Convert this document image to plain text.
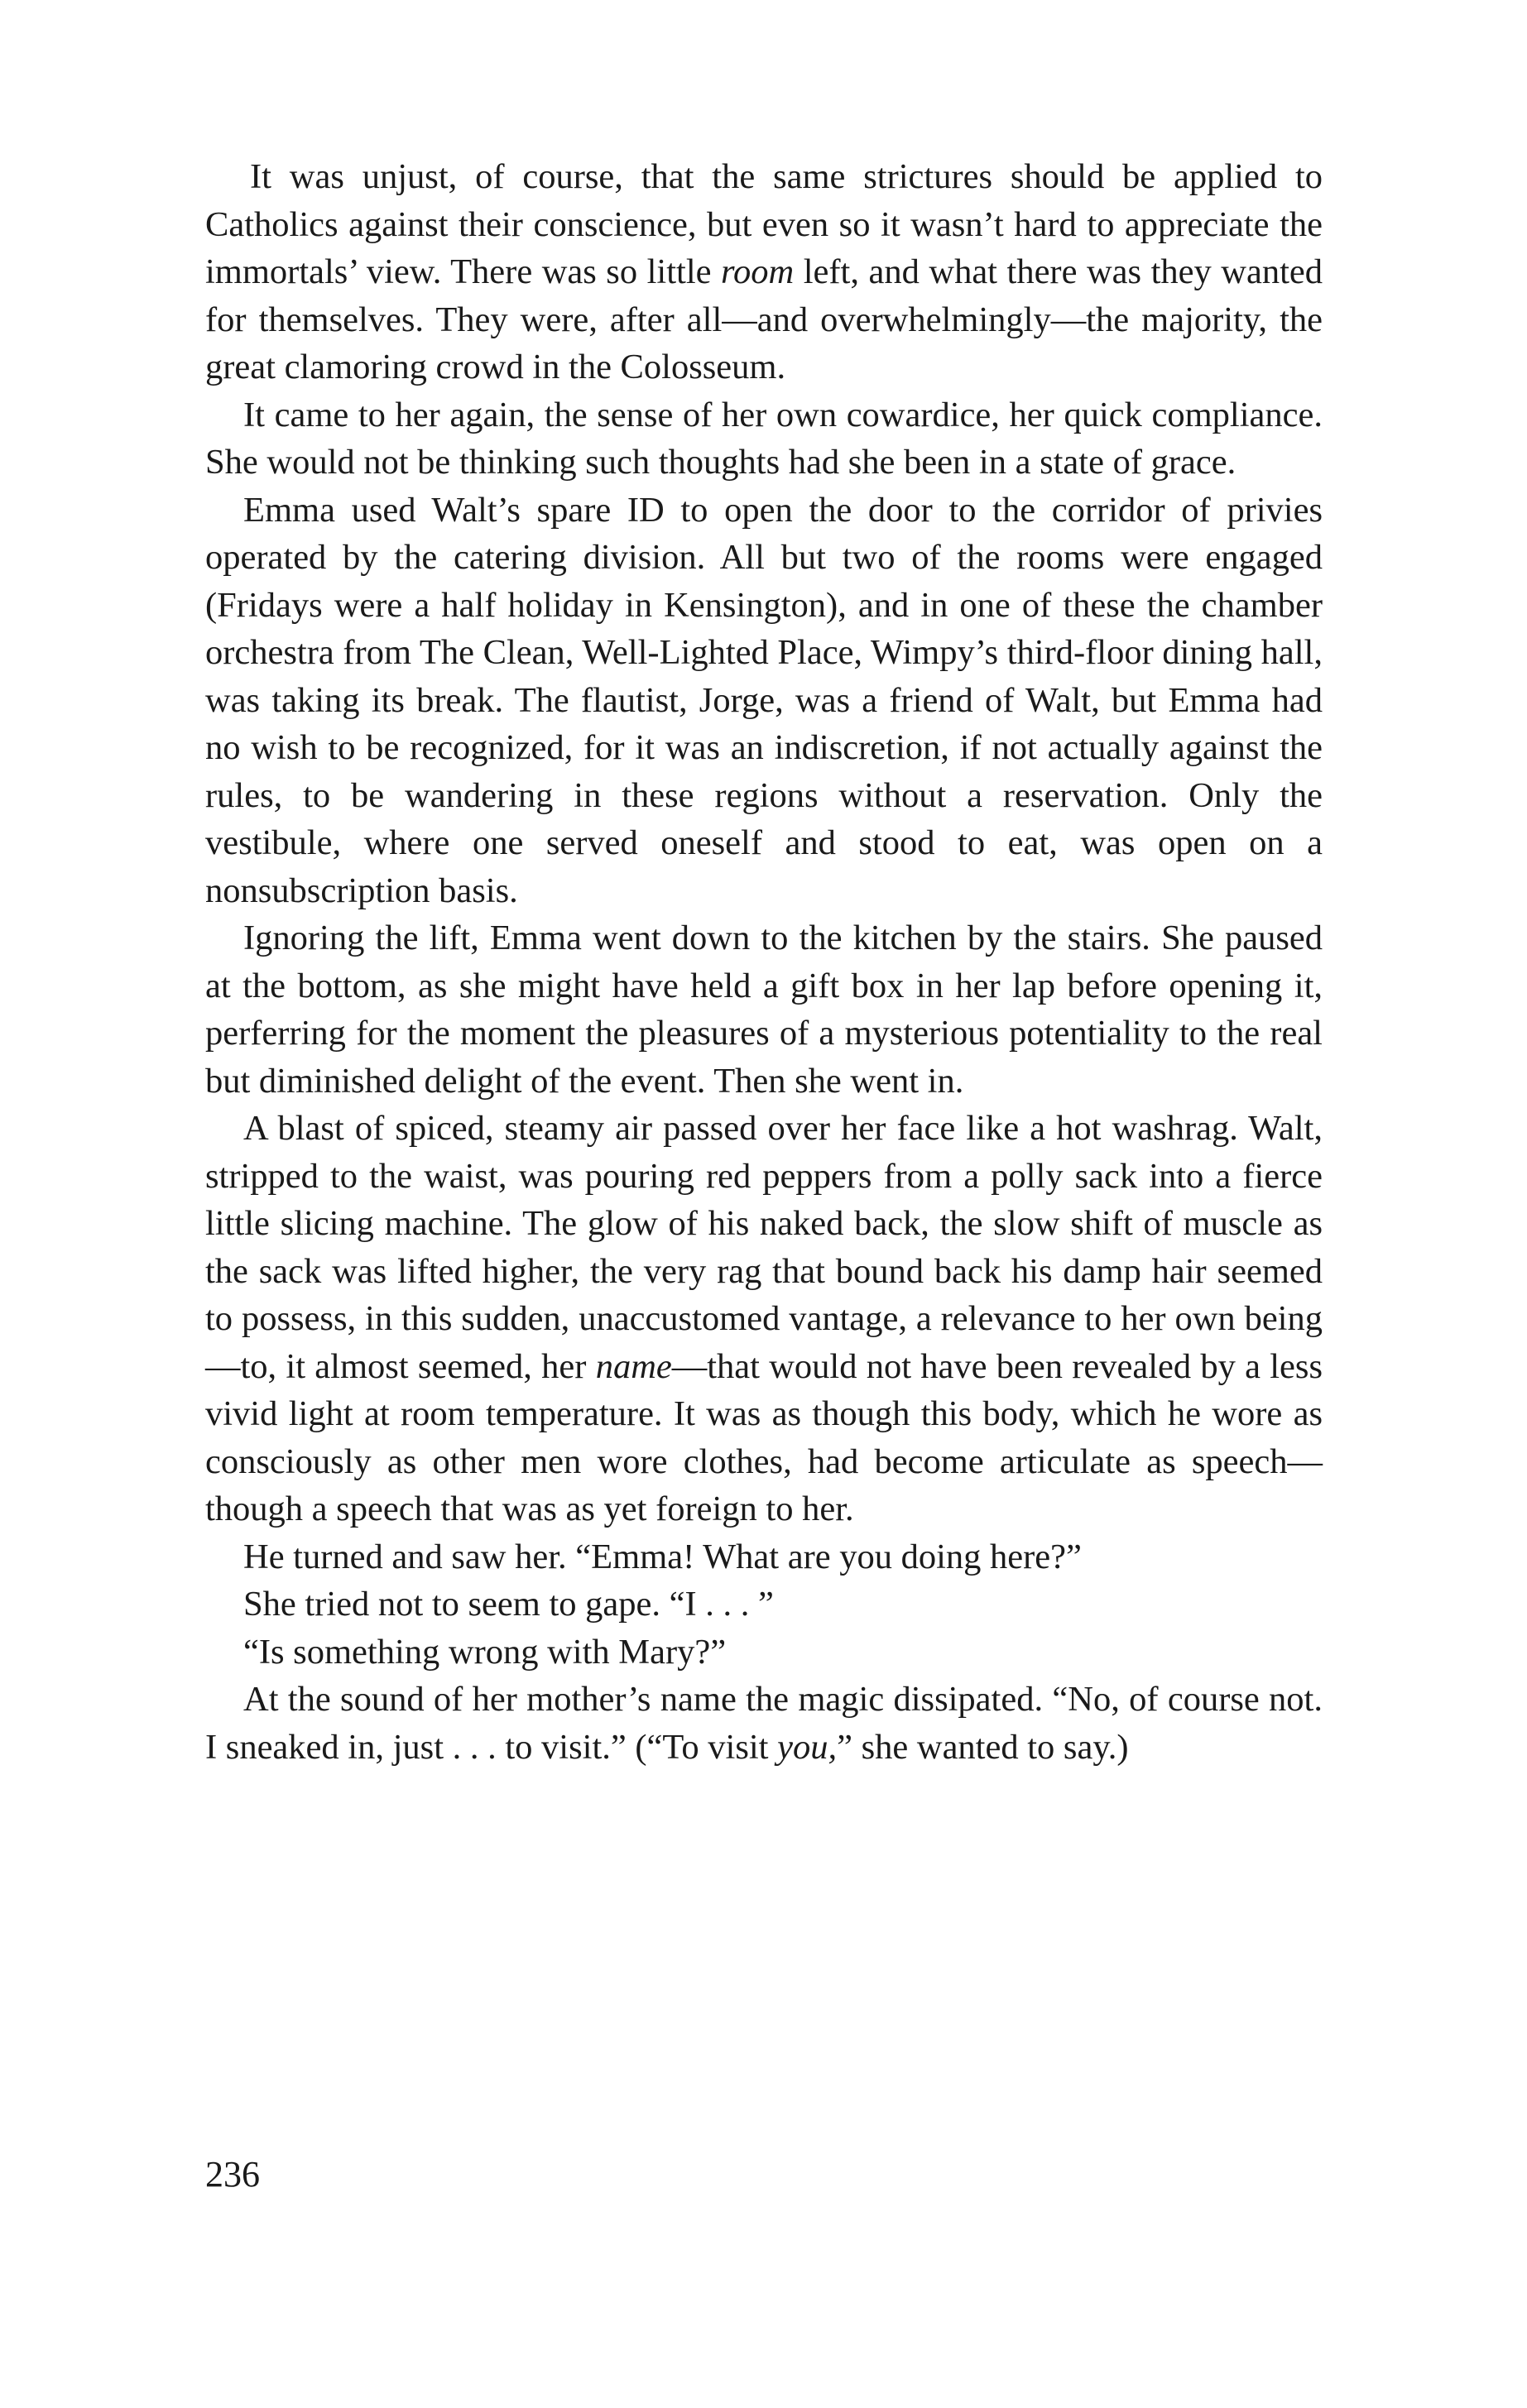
It was unjust, of course, that the same strictures should be applied to Catholics against their conscience, but even so it wasn’t hard to appreciate the immortals’ view. There was so little room left, and what there was they wanted for themselves. They were, after all—and overwhelmingly—the majority, the great clamoring crowd in the Colosseum.

It came to her again, the sense of her own cowardice, her quick compliance. She would not be thinking such thoughts had she been in a state of grace.

Emma used Walt’s spare ID to open the door to the corridor of privies operated by the catering division. All but two of the rooms were engaged (Fridays were a half holiday in Kensington), and in one of these the chamber orchestra from The Clean, Well-Lighted Place, Wimpy’s third-floor dining hall, was taking its break. The flautist, Jorge, was a friend of Walt, but Emma had no wish to be recognized, for it was an indiscretion, if not actually against the rules, to be wandering in these regions without a reservation. Only the vestibule, where one served oneself and stood to eat, was open on a nonsubscription basis.

Ignoring the lift, Emma went down to the kitchen by the stairs. She paused at the bottom, as she might have held a gift box in her lap before opening it, perferring for the moment the pleasures of a mysterious potentiality to the real but diminished delight of the event. Then she went in.

A blast of spiced, steamy air passed over her face like a hot washrag. Walt, stripped to the waist, was pouring red peppers from a polly sack into a fierce little slicing machine. The glow of his naked back, the slow shift of muscle as the sack was lifted higher, the very rag that bound back his damp hair seemed to possess, in this sudden, unaccustomed vantage, a relevance to her own being—to, it almost seemed, her name—that would not have been revealed by a less vivid light at room temperature. It was as though this body, which he wore as consciously as other men wore clothes, had become articulate as speech—though a speech that was as yet foreign to her.

He turned and saw her. “Emma! What are you doing here?”

She tried not to seem to gape. “I . . . ”

“Is something wrong with Mary?”

At the sound of her mother’s name the magic dissipated. “No, of course not. I sneaked in, just . . . to visit.” (“To visit you,” she wanted to say.)

236
